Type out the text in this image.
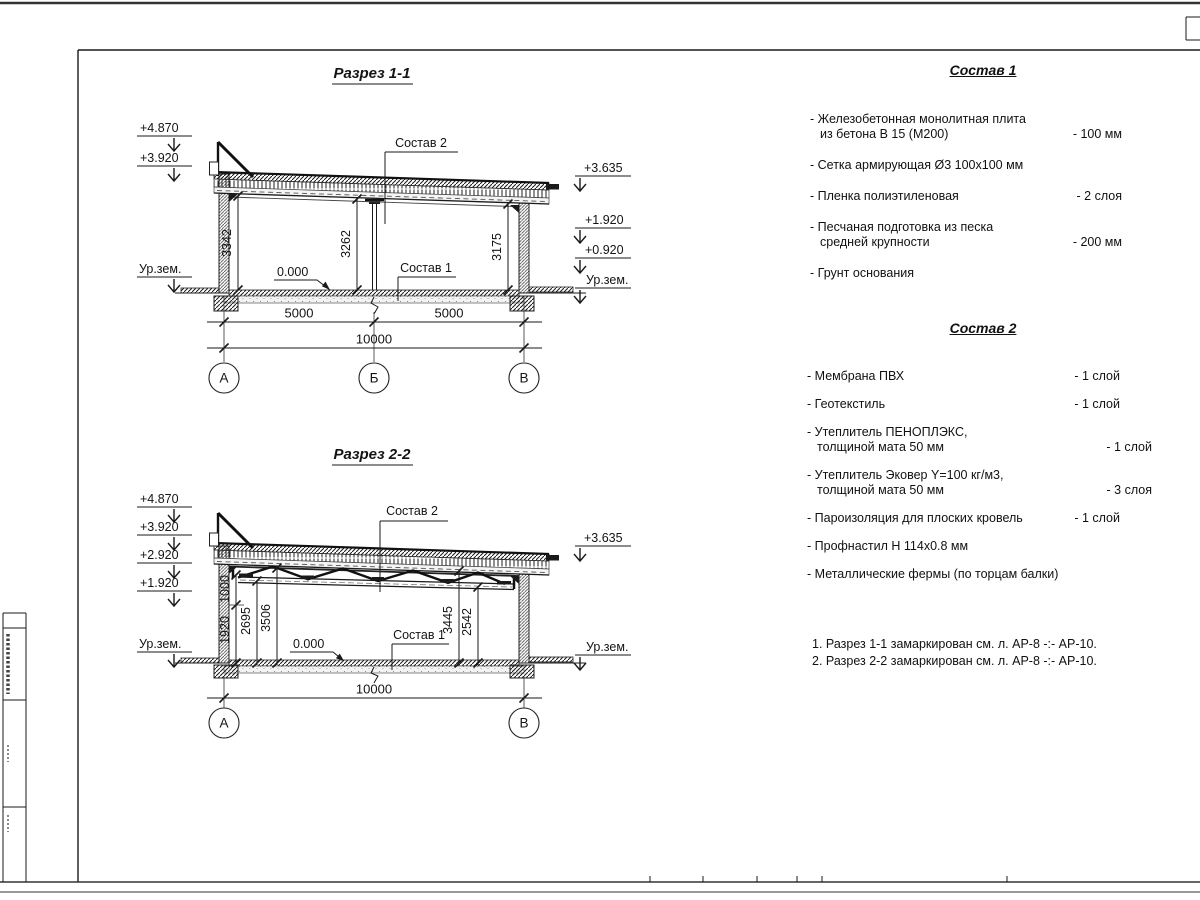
Разрез 1-1
+4.870
+3.920
Ур.зем.
+3.635
+1.920
+0.920
Ур.зем.
3342	3262	3175
Состав 2
Состав 1
0.000
5000	5000
10000
А	Б	В
Разрез 2-2
+4.870
+3.920
+2.920
+1.920
Ур.зем.
+3.635
Ур.зем.
1000
1920 2695 3506	3445 2542
Состав 2
Состав 1
0.000
10000
А	В
Состав 1
- Железобетонная монолитная плита
из бетона В 15 (М200)	- 100 мм
- Сетка армирующая Ø3 100х100 мм
- Пленка полиэтиленовая	- 2 слоя
- Песчаная подготовка из песка
средней крупности	- 200 мм
- Грунт основания
Состав 2
- Мембрана ПВХ	- 1 слой
- Геотекстиль	- 1 слой
- Утеплитель ПЕНОПЛЭКС,
толщиной мата 50 мм	- 1 слой
- Утеплитель Эковер Y=100 кг/м3,
толщиной мата 50 мм	- 3 слоя
- Пароизоляция для плоских кровель	- 1 слой
- Профнастил Н 114х0.8 мм
- Металлические фермы (по торцам балки)
1. Разрез 1-1 замаркирован см. л. АР-8 -:- АР-10.
2. Разрез 2-2 замаркирован см. л. АР-8 -:- АР-10.
